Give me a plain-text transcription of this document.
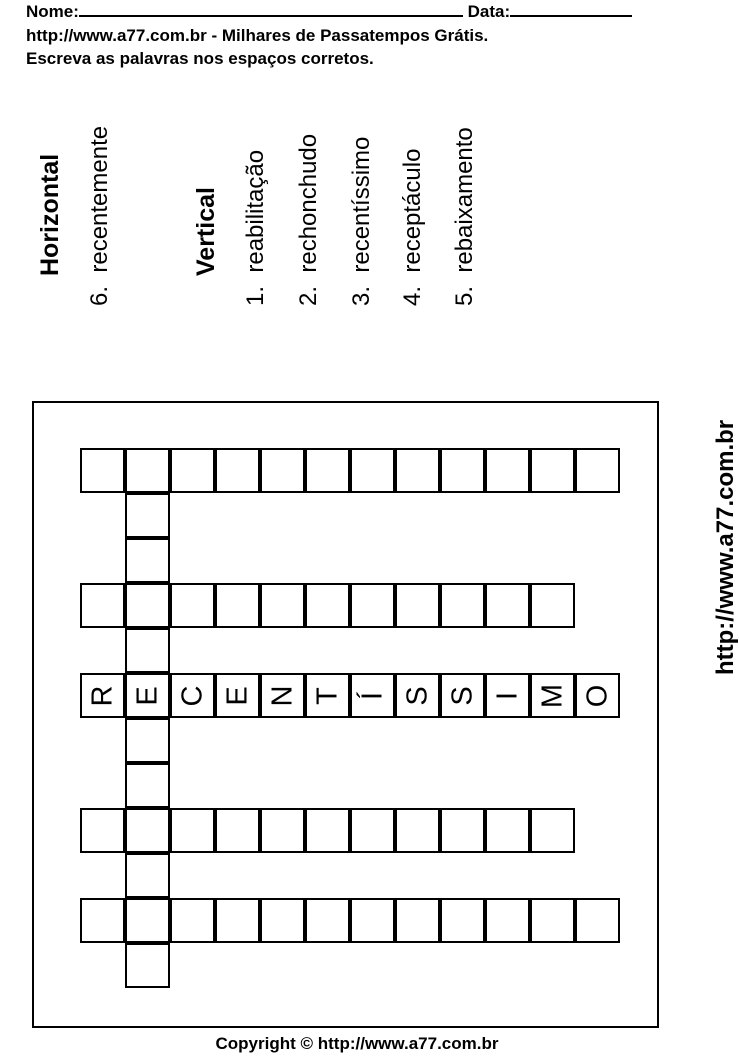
Nome:	Data:
http://www.a77.com.br - Milhares de Passatempos Grátis.
Escreva as palavras nos espaços corretos.
Horizontal
6.  recentemente	Vertical
1.  reabilitação
2.  rechonchudo
3.  recentíssimo
4.  receptáculo
5.  rebaixamento
R E C E N T Í S S I M O
http://www.a77.com.br
Copyright © http://www.a77.com.br
